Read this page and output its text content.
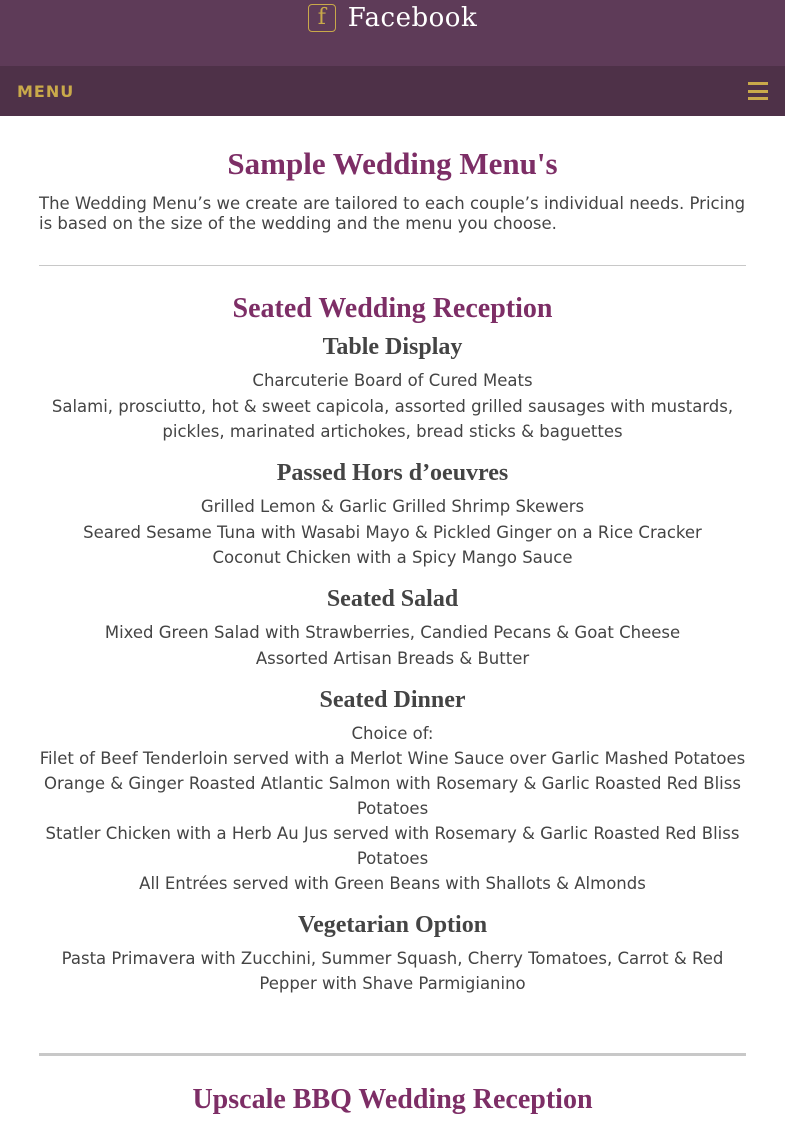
f Facebook
MENU
Sample Wedding Menu's

The Wedding Menu’s we create are tailored to each couple’s individual needs. Pricing is based on the size of the wedding and the menu you choose.

Seated Wedding Reception
Table Display

Charcuterie Board of Cured Meats

Salami, prosciutto, hot & sweet capicola, assorted grilled sausages with mustards, pickles, marinated artichokes, bread sticks & baguettes

Passed Hors d’oeuvres

Grilled Lemon & Garlic Grilled Shrimp Skewers

Seared Sesame Tuna with Wasabi Mayo & Pickled Ginger on a Rice Cracker

Coconut Chicken with a Spicy Mango Sauce

Seated Salad

Mixed Green Salad with Strawberries, Candied Pecans & Goat Cheese

Assorted Artisan Breads & Butter

Seated Dinner

Choice of:

Filet of Beef Tenderloin served with a Merlot Wine Sauce over Garlic Mashed Potatoes

Orange & Ginger Roasted Atlantic Salmon with Rosemary & Garlic Roasted Red Bliss Potatoes

Statler Chicken with a Herb Au Jus served with Rosemary & Garlic Roasted Red Bliss Potatoes

All Entrées served with Green Beans with Shallots & Almonds

Vegetarian Option

Pasta Primavera with Zucchini, Summer Squash, Cherry Tomatoes, Carrot & Red Pepper with Shave Parmigianino

Upscale BBQ Wedding Reception
